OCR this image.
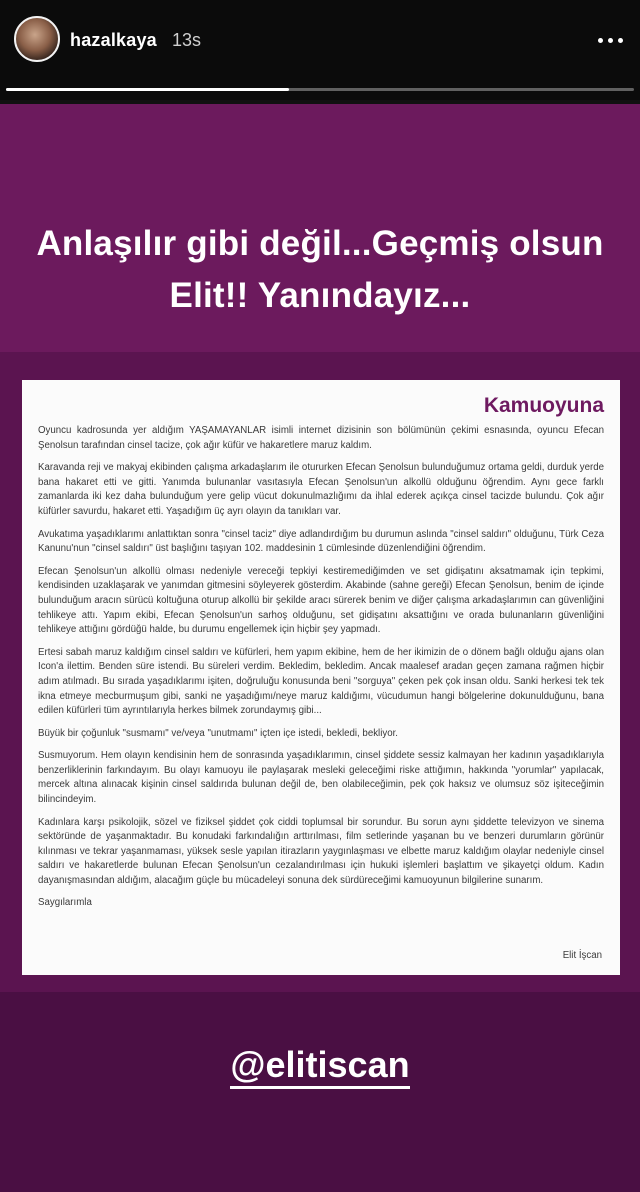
hazalkaya 13s
Anlaşılır gibi değil...Geçmiş olsun Elit!! Yanındayız...
Kamuoyuna
Oyuncu kadrosunda yer aldığım YAŞAMAYANLAR isimli internet dizisinin son bölümünün çekimi esnasında, oyuncu Efecan Şenolsun tarafından cinsel tacize, çok ağır küfür ve hakaretlere maruz kaldım.
Karavanda reji ve makyaj ekibinden çalışma arkadaşlarım ile otururken Efecan Şenolsun bulunduğumuz ortama geldi, durduk yerde bana hakaret etti ve gitti. Yanımda bulunanlar vasıtasıyla Efecan Şenolsun'un alkollü olduğunu öğrendim. Aynı gece farklı zamanlarda iki kez daha bulunduğum yere gelip vücut dokunulmazlığımı da ihlal ederek açıkça cinsel tacizde bulundu. Çok ağır küfürler savurdu, hakaret etti. Yaşadığım üç ayrı olayın da tanıkları var.
Avukatıma yaşadıklarımı anlattıktan sonra "cinsel taciz" diye adlandırdığım bu durumun aslında "cinsel saldırı" olduğunu, Türk Ceza Kanunu'nun "cinsel saldırı" üst başlığını taşıyan 102. maddesinin 1 cümlesinde düzenlendiğini öğrendim.
Efecan Şenolsun'un alkollü olması nedeniyle vereceği tepkiyi kestiremediğimden ve set gidişatını aksatmamak için tepkimi, kendisinden uzaklaşarak ve yanımdan gitmesini söyleyerek gösterdim. Akabinde (sahne gereği) Efecan Şenolsun, benim de içinde bulunduğum aracın sürücü koltuğuna oturup alkollü bir şekilde aracı sürerek benim ve diğer çalışma arkadaşlarımın can güvenliğini tehlikeye attı. Yapım ekibi, Efecan Şenolsun'un sarhoş olduğunu, set gidişatını aksattığını ve orada bulunanların güvenliğini tehlikeye attığını gördüğü halde, bu durumu engellemek için hiçbir şey yapmadı.
Ertesi sabah maruz kaldığım cinsel saldırı ve küfürleri, hem yapım ekibine, hem de her ikimizin de o dönem bağlı olduğu ajans olan Icon'a ilettim. Benden süre istendi. Bu süreleri verdim. Bekledim, bekledim. Ancak maalesef aradan geçen zamana rağmen hiçbir adım atılmadı. Bu sırada yaşadıklarımı işiten, doğruluğu konusunda beni "sorguya" çeken pek çok insan oldu. Sanki herkesi tek tek ikna etmeye mecburmuşum gibi, sanki ne yaşadığımı/neye maruz kaldığımı, vücudumun hangi bölgelerine dokunulduğunu, bana edilen küfürleri tüm ayrıntılarıyla herkes bilmek zorundaymış gibi...
Büyük bir çoğunluk "susmamı" ve/veya "unutmamı" içten içe istedi, bekledi, bekliyor.
Susmuyorum. Hem olayın kendisinin hem de sonrasında yaşadıklarımın, cinsel şiddete sessiz kalmayan her kadının yaşadıklarıyla benzerliklerinin farkındayım. Bu olayı kamuoyu ile paylaşarak mesleki geleceğimi riske attığımın, hakkında "yorumlar" yapılacak, mercek altına alınacak kişinin cinsel saldırıda bulunan değil de, ben olabileceğimin, pek çok haksız ve olumsuz söz işiteceğimin bilincindeyim.
Kadınlara karşı psikolojik, sözel ve fiziksel şiddet çok ciddi toplumsal bir sorundur. Bu sorun aynı şiddette televizyon ve sinema sektöründe de yaşanmaktadır. Bu konudaki farkındalığın arttırılması, film setlerinde yaşanan bu ve benzeri durumların görünür kılınması ve tekrar yaşanmaması, yüksek sesle yapılan itirazların yaygınlaşması ve elbette maruz kaldığım olaylar nedeniyle cinsel saldırı ve hakaretlerde bulunan Efecan Şenolsun'un cezalandırılması için hukuki işlemleri başlattım ve şikayetçi oldum. Kadın dayanışmasından aldığım, alacağım güçle bu mücadeleyi sonuna dek sürdüreceğimi kamuoyunun bilgilerine sunarım.
Saygılarımla
Elit İşcan
@elitiscan
